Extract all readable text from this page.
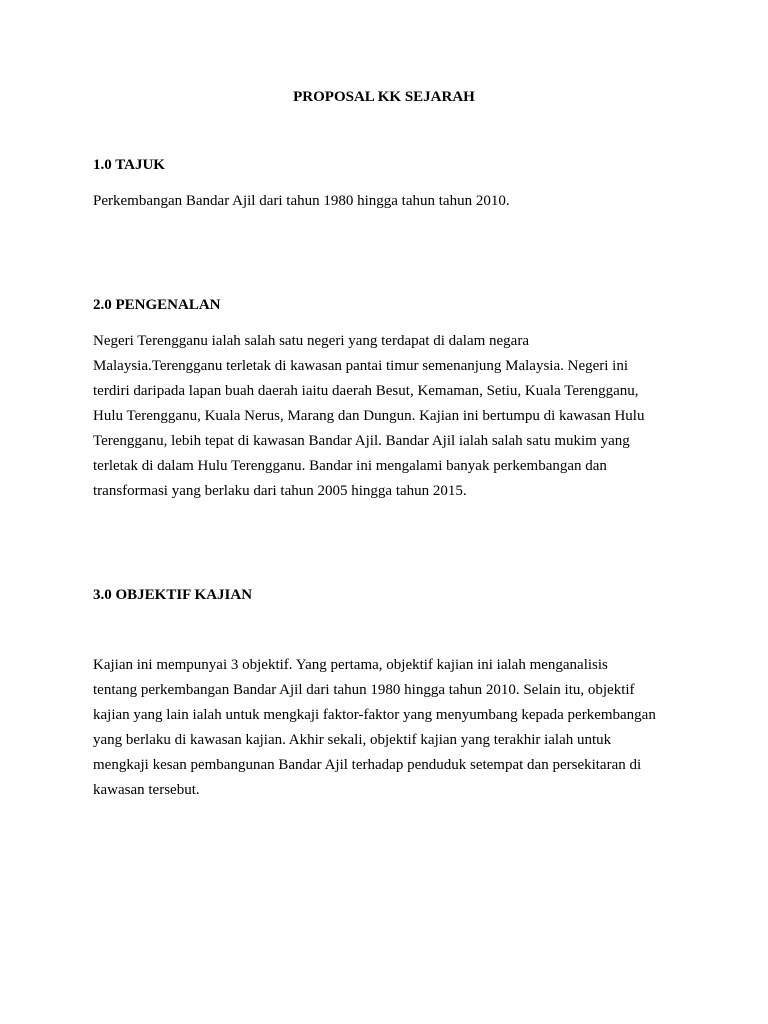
PROPOSAL KK SEJARAH
1.0 TAJUK

Perkembangan Bandar Ajil dari tahun 1980 hingga tahun tahun 2010.

2.0 PENGENALAN

Negeri Terengganu ialah salah satu negeri yang terdapat di dalam negara

Malaysia.Terengganu terletak di kawasan pantai timur semenanjung Malaysia. Negeri ini

terdiri daripada lapan buah daerah iaitu daerah Besut, Kemaman, Setiu, Kuala Terengganu,

Hulu Terengganu, Kuala Nerus, Marang dan Dungun. Kajian ini bertumpu di kawasan Hulu

Terengganu, lebih tepat di kawasan Bandar Ajil. Bandar Ajil ialah salah satu mukim yang

terletak di dalam Hulu Terengganu. Bandar ini mengalami banyak perkembangan dan

transformasi yang berlaku dari tahun 2005 hingga tahun 2015.

3.0 OBJEKTIF KAJIAN

Kajian ini mempunyai 3 objektif. Yang pertama, objektif kajian ini ialah menganalisis

tentang perkembangan Bandar Ajil dari tahun 1980 hingga tahun 2010. Selain itu, objektif

kajian yang lain ialah untuk mengkaji faktor-faktor yang menyumbang kepada perkembangan

yang berlaku di kawasan kajian. Akhir sekali, objektif kajian yang terakhir ialah untuk

mengkaji kesan pembangunan Bandar Ajil terhadap penduduk setempat dan persekitaran di

kawasan tersebut.
